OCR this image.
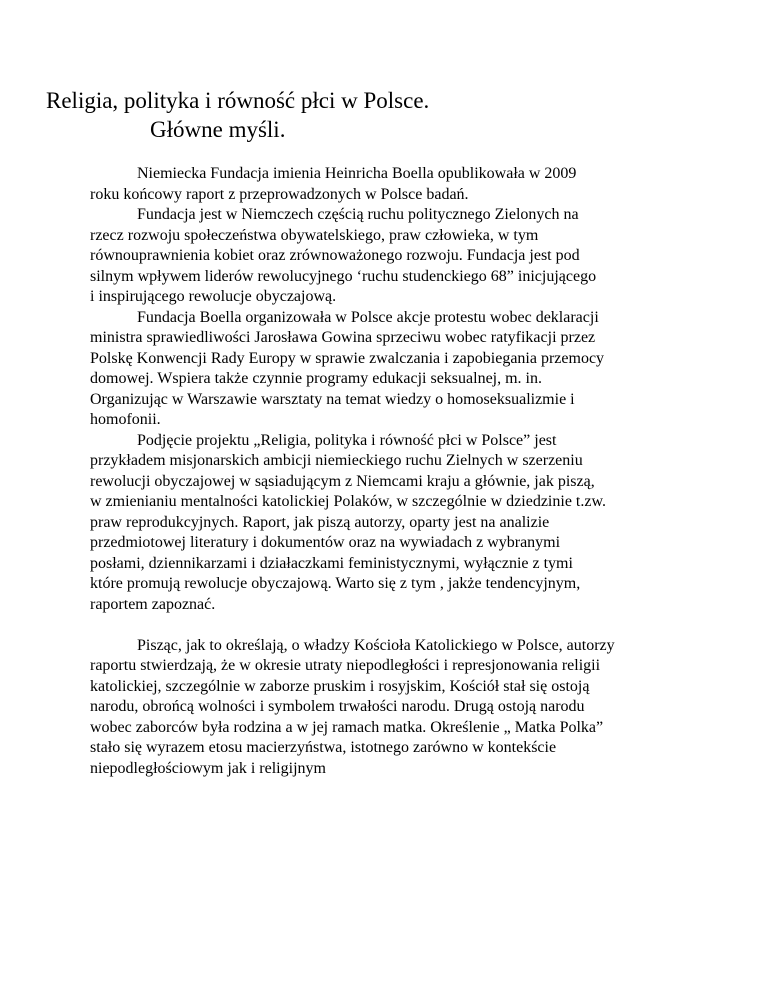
Religia, polityka i równość płci w Polsce.
Główne myśli.
Niemiecka Fundacja imienia Heinricha Boella opublikowała w 2009
roku końcowy raport z przeprowadzonych w Polsce badań.
Fundacja jest w Niemczech częścią ruchu politycznego Zielonych na
rzecz rozwoju społeczeństwa obywatelskiego, praw człowieka, w tym
równouprawnienia kobiet oraz zrównoważonego rozwoju. Fundacja jest pod
silnym wpływem liderów rewolucyjnego ‘ruchu studenckiego 68” inicjującego
i inspirującego rewolucje obyczajową.
Fundacja Boella organizowała w Polsce akcje protestu wobec deklaracji
ministra sprawiedliwości Jarosława Gowina sprzeciwu wobec ratyfikacji przez
Polskę Konwencji Rady Europy w sprawie zwalczania i zapobiegania przemocy
domowej. Wspiera także czynnie programy edukacji seksualnej, m. in.
Organizując w Warszawie warsztaty na temat wiedzy o homoseksualizmie i
homofonii.
Podjęcie projektu „Religia, polityka i równość płci w Polsce” jest
przykładem misjonarskich ambicji niemieckiego ruchu Zielnych w szerzeniu
rewolucji obyczajowej w sąsiadującym z Niemcami kraju a głównie, jak piszą,
w zmienianiu mentalności katolickiej Polaków, w szczególnie w dziedzinie t.zw.
praw reprodukcyjnych. Raport, jak piszą autorzy, oparty jest na analizie
przedmiotowej literatury i dokumentów oraz na wywiadach z wybranymi
posłami, dziennikarzami i działaczkami feministycznymi, wyłącznie z tymi
które promują rewolucje obyczajową. Warto się z tym , jakże tendencyjnym,
raportem zapoznać.
Pisząc, jak to określają, o władzy Kościoła Katolickiego w Polsce, autorzy
raportu stwierdzają, że w okresie utraty niepodległości i represjonowania religii
katolickiej, szczególnie w zaborze pruskim i rosyjskim, Kościół stał się ostoją
narodu, obrońcą wolności i symbolem trwałości narodu. Drugą ostoją narodu
wobec zaborców była rodzina a w jej ramach matka. Określenie „ Matka Polka”
stało się wyrazem etosu macierzyństwa, istotnego zarówno w kontekście
niepodległościowym jak i religijnym
